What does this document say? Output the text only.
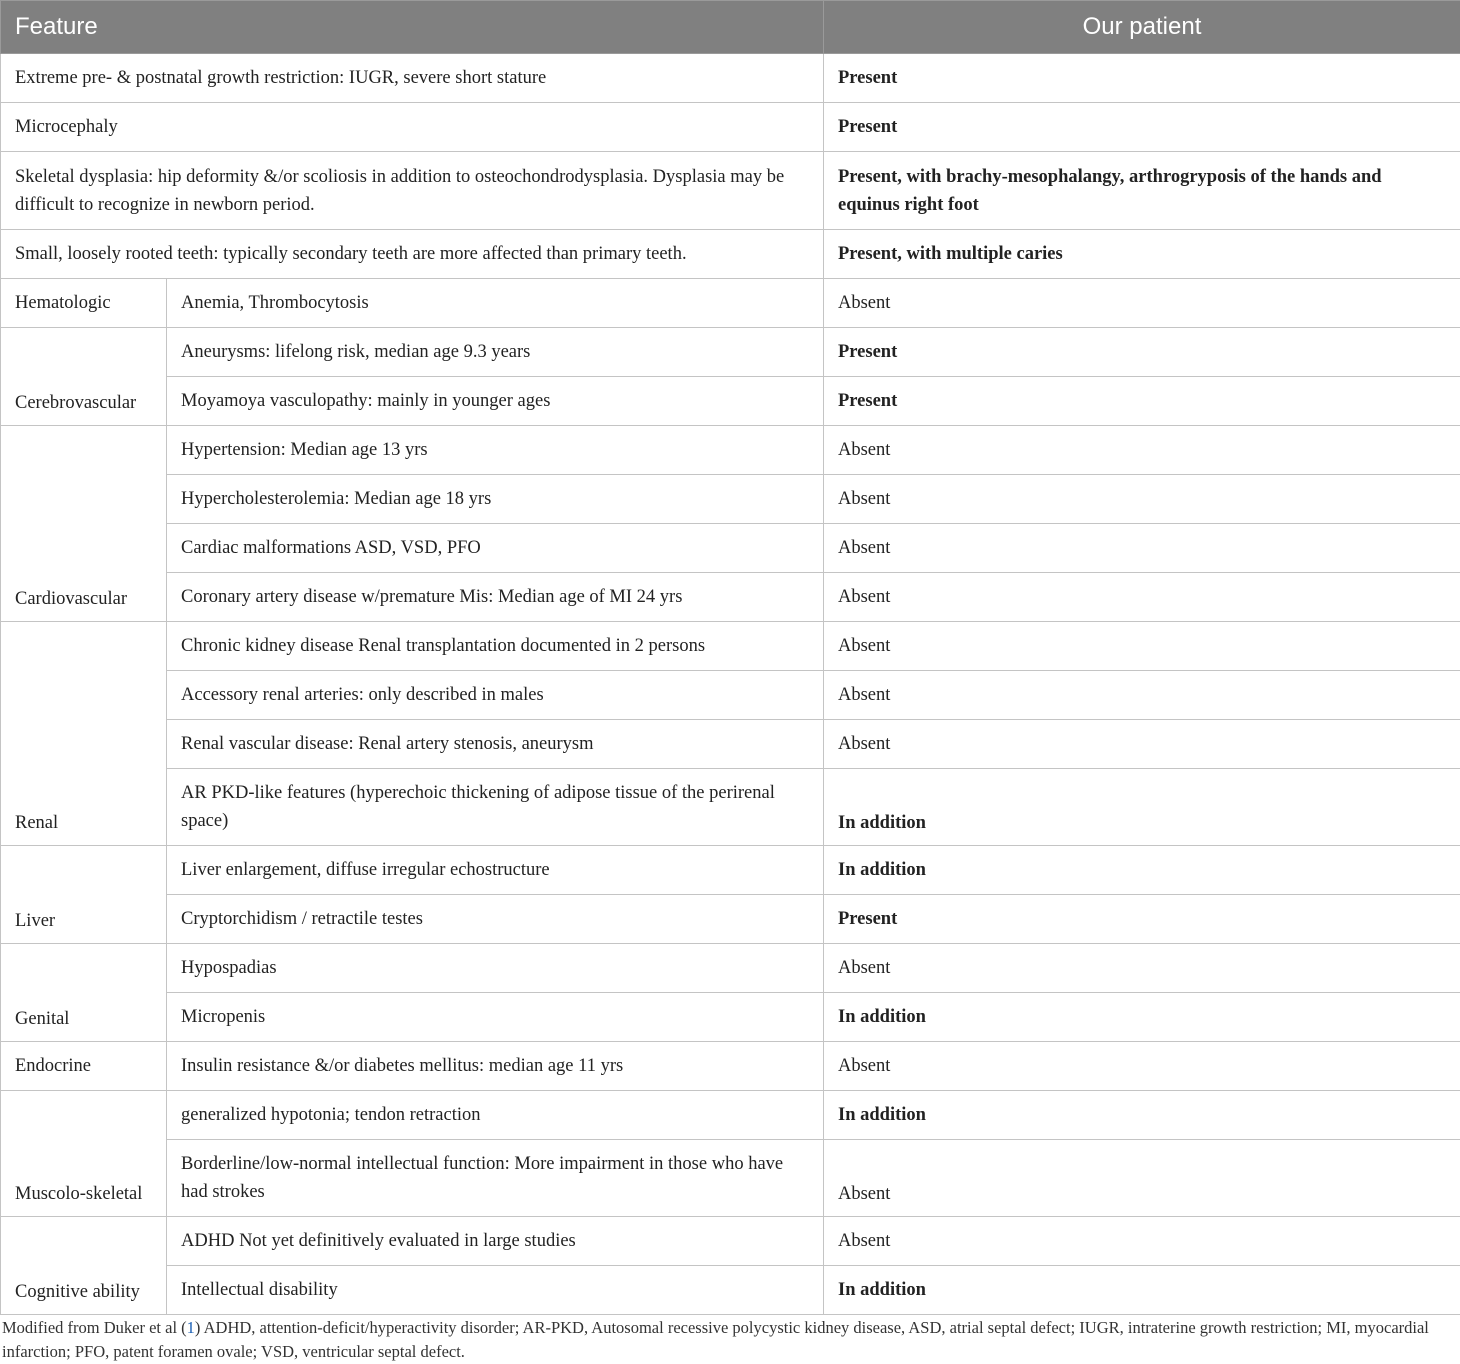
Feature		Our patient
Extreme pre- & postnatal growth restriction: IUGR, severe short stature		Present
Microcephaly		Present
Skeletal dysplasia: hip deformity &/or scoliosis in addition to osteochondrodysplasia. Dysplasia may be difficult to recognize in newborn period.		Present, with brachy-mesophalangy, arthrogryposis of the hands and equinus right foot
Small, loosely rooted teeth: typically secondary teeth are more affected than primary teeth.		Present, with multiple caries
Hematologic	Anemia, Thrombocytosis	Absent
Cerebrovascular	Aneurysms: lifelong risk, median age 9.3 years	Present
	Moyamoya vasculopathy: mainly in younger ages	Present
Cardiovascular	Hypertension: Median age 13 yrs	Absent
	Hypercholesterolemia: Median age 18 yrs	Absent
	Cardiac malformations ASD, VSD, PFO	Absent
	Coronary artery disease w/premature Mis: Median age of MI 24 yrs	Absent
Renal	Chronic kidney disease Renal transplantation documented in 2 persons	Absent
	Accessory renal arteries: only described in males	Absent
	Renal vascular disease: Renal artery stenosis, aneurysm	Absent
	AR PKD-like features (hyperechoic thickening of adipose tissue of the perirenal space)	In addition
Liver	Liver enlargement, diffuse irregular echostructure	In addition
	Cryptorchidism / retractile testes	Present
Genital	Hypospadias	Absent
	Micropenis	In addition
Endocrine	Insulin resistance &/or diabetes mellitus: median age 11 yrs	Absent
Muscolo-skeletal	generalized hypotonia; tendon retraction	In addition
	Borderline/low-normal intellectual function: More impairment in those who have had strokes	Absent
Cognitive ability	ADHD Not yet definitively evaluated in large studies	Absent
	Intellectual disability	In addition
Modified from Duker et al (1) ADHD, attention-deficit/hyperactivity disorder; AR-PKD, Autosomal recessive polycystic kidney disease, ASD, atrial septal defect; IUGR, intraterine growth restriction; MI, myocardial infarction; PFO, patent foramen ovale; VSD, ventricular septal defect.
